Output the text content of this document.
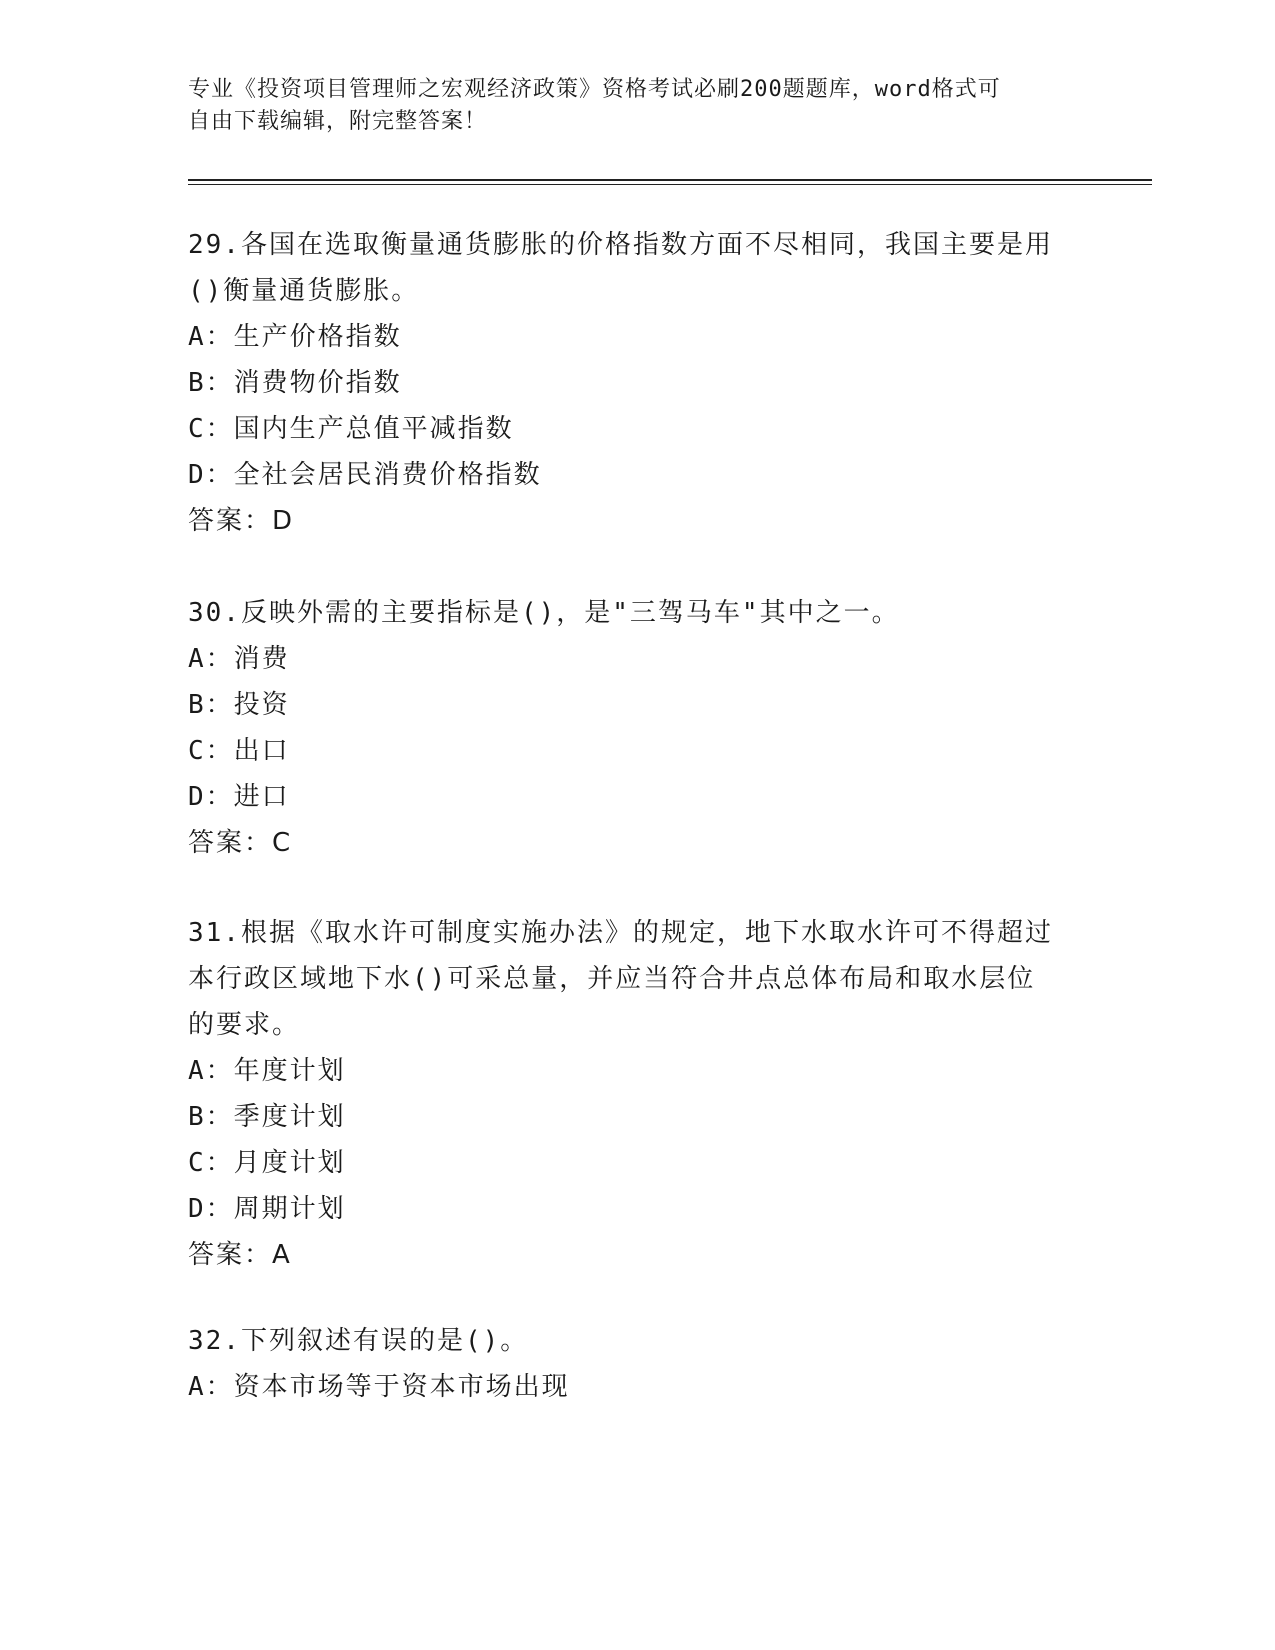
专业《投资项目管理师之宏观经济政策》资格考试必刷200题题库，word格式可
自由下载编辑，附完整答案！
29.各国在选取衡量通货膨胀的价格指数方面不尽相同，我国主要是用
()衡量通货膨胀。
A：生产价格指数
B：消费物价指数
C：国内生产总值平减指数
D：全社会居民消费价格指数
答案：D
30.反映外需的主要指标是()，是"三驾马车"其中之一。
A：消费
B：投资
C：出口
D：进口
答案：C
31.根据《取水许可制度实施办法》的规定，地下水取水许可不得超过
本行政区域地下水()可采总量，并应当符合井点总体布局和取水层位
的要求。
A：年度计划
B：季度计划
C：月度计划
D：周期计划
答案：A
32.下列叙述有误的是()。
A：资本市场等于资本市场出现
